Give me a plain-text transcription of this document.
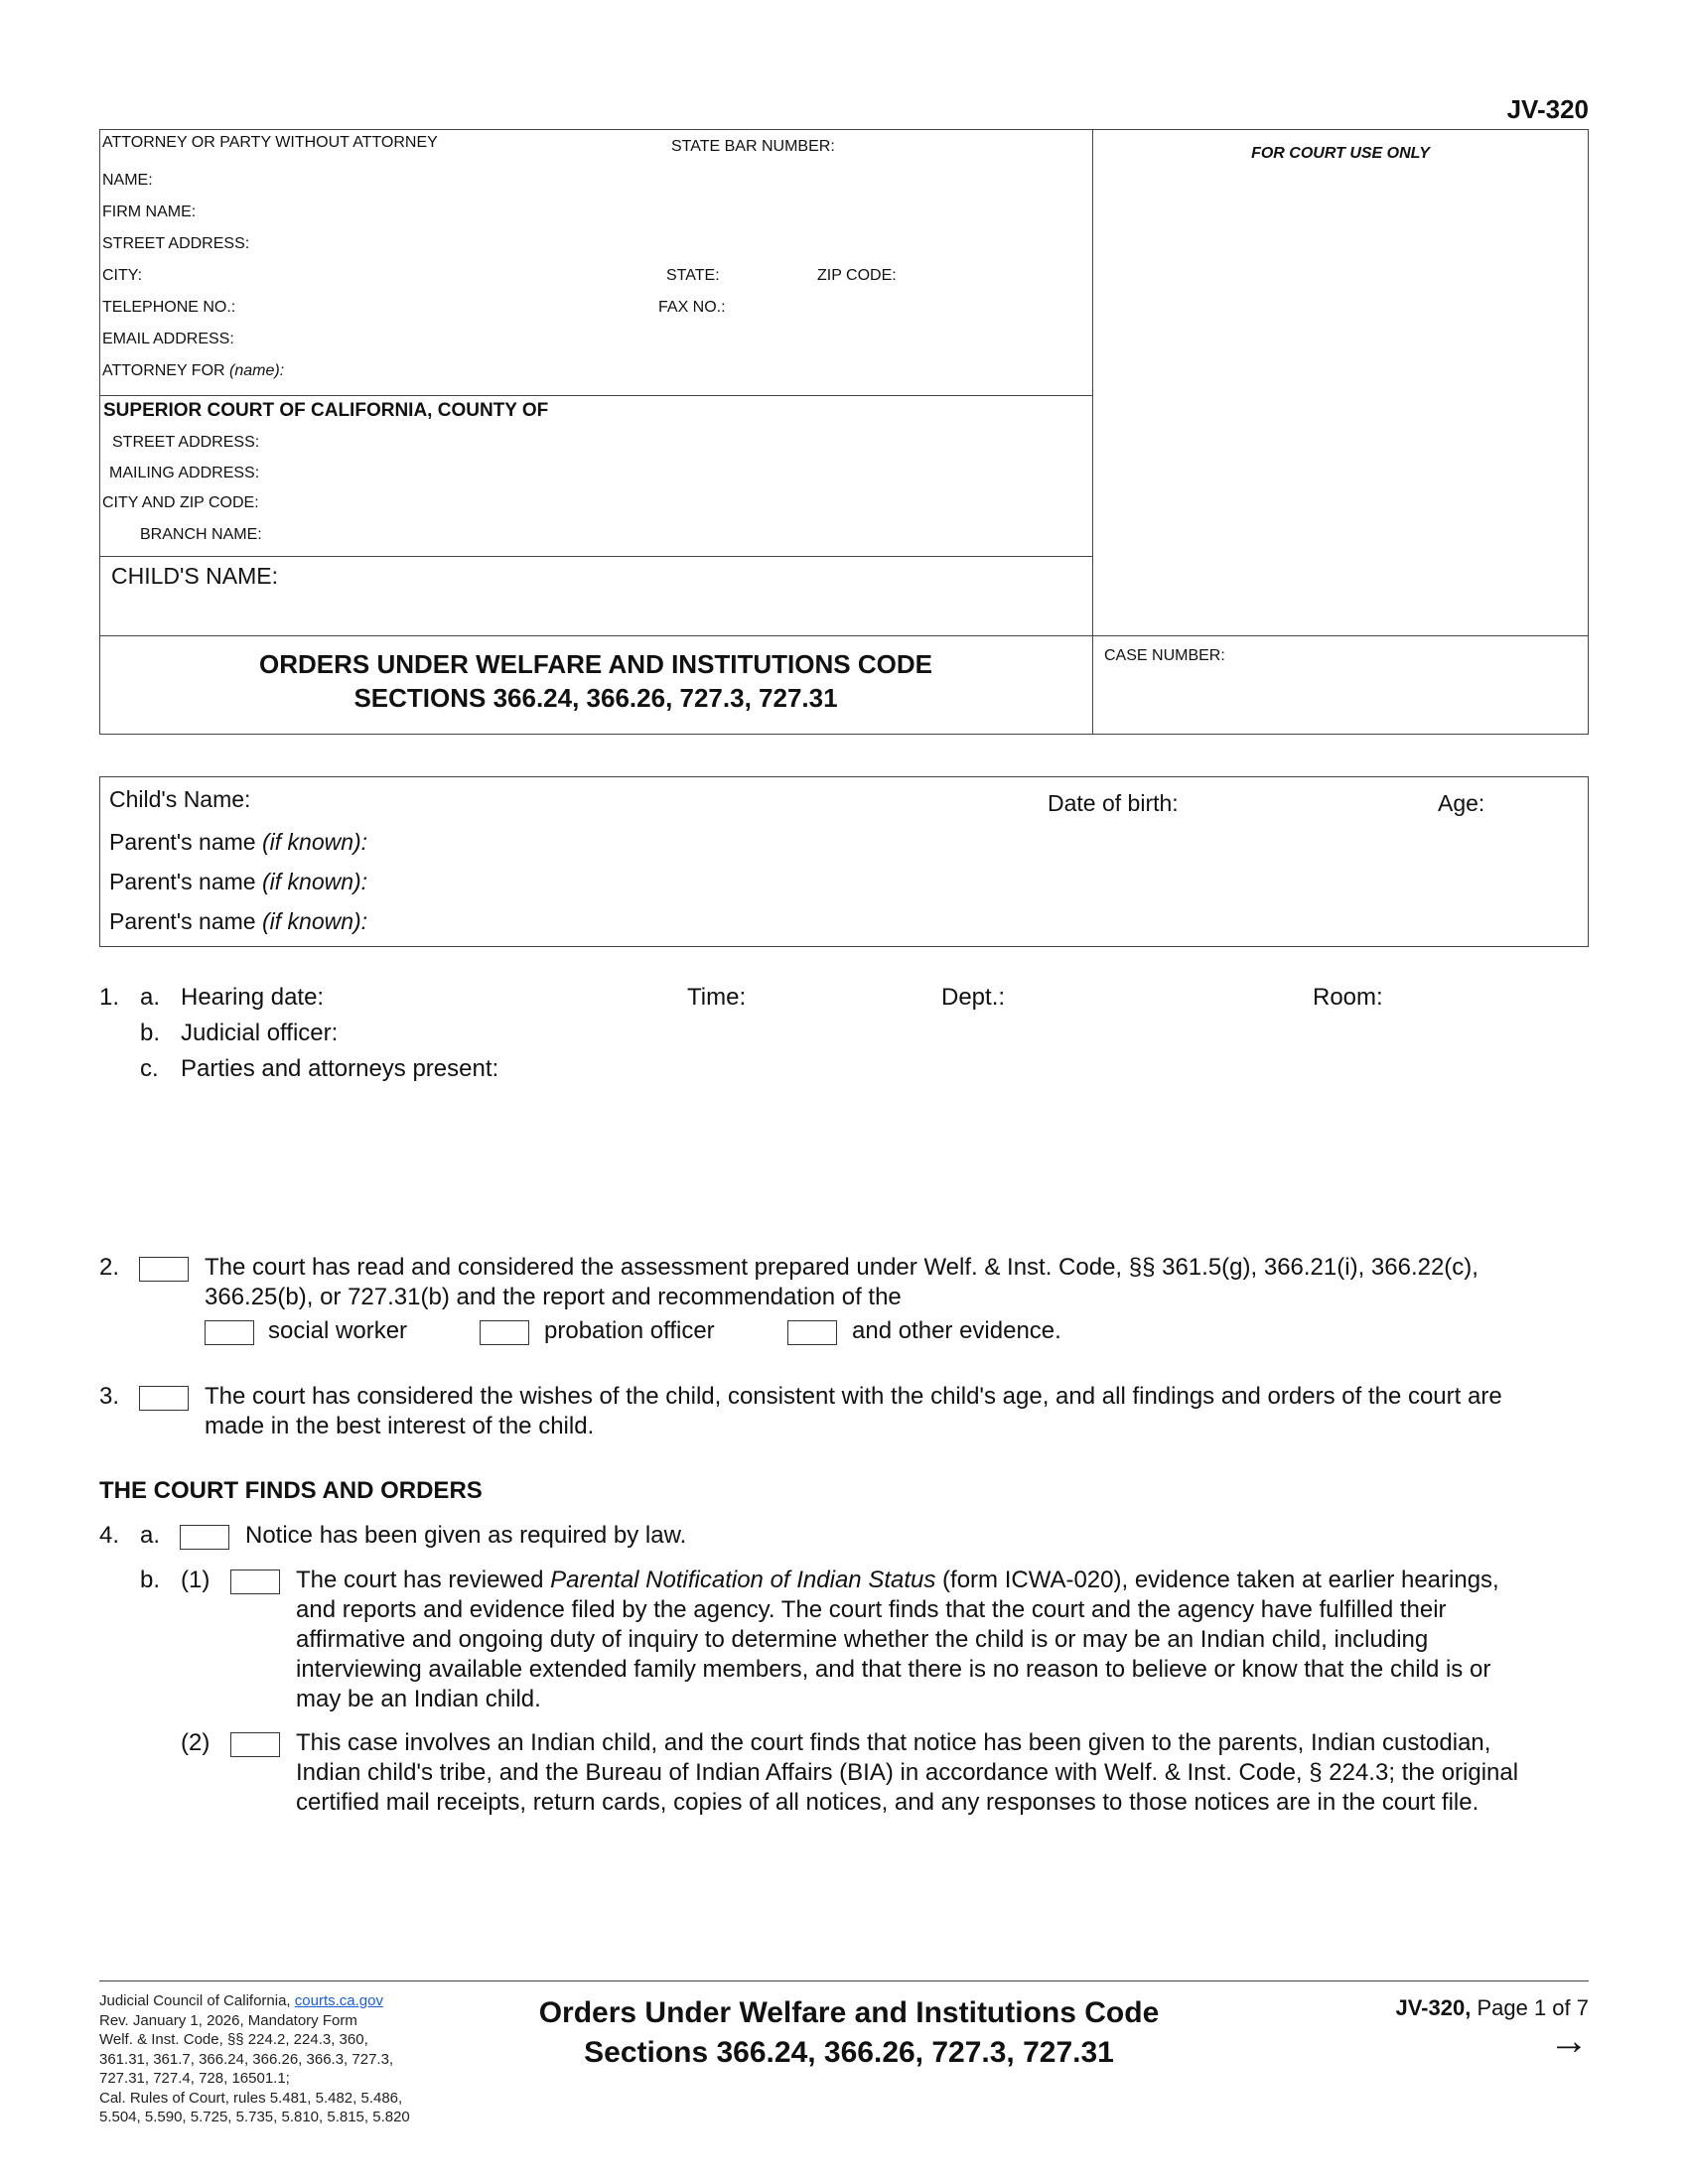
JV-320
ATTORNEY OR PARTY WITHOUT ATTORNEY	STATE BAR NUMBER:
NAME:
FIRM NAME:
STREET ADDRESS:
CITY:	STATE:	ZIP CODE:
TELEPHONE NO.:	FAX NO.:
EMAIL ADDRESS:
ATTORNEY FOR (name):
SUPERIOR COURT OF CALIFORNIA, COUNTY OF
STREET ADDRESS:
MAILING ADDRESS:
CITY AND ZIP CODE:
BRANCH NAME:
CHILD'S NAME:
FOR COURT USE ONLY
ORDERS UNDER WELFARE AND INSTITUTIONS CODE
SECTIONS 366.24, 366.26, 727.3, 727.31
CASE NUMBER:
Child's Name:	Date of birth:	Age:
Parent's name (if known):
Parent's name (if known):
Parent's name (if known):
1. a. Hearing date:	Time:	Dept.:	Room:
b. Judicial officer:
c. Parties and attorneys present:
2.	The court has read and considered the assessment prepared under Welf. & Inst. Code, §§ 361.5(g), 366.21(i), 366.22(c),
366.25(b), or 727.31(b) and the report and recommendation of the
social worker	probation officer	and other evidence.
3.	The court has considered the wishes of the child, consistent with the child's age, and all findings and orders of the court are
made in the best interest of the child.
THE COURT FINDS AND ORDERS
4. a.	Notice has been given as required by law.
b. (1)	The court has reviewed Parental Notification of Indian Status (form ICWA-020), evidence taken at earlier hearings,
and reports and evidence filed by the agency. The court finds that the court and the agency have fulfilled their
affirmative and ongoing duty of inquiry to determine whether the child is or may be an Indian child, including
interviewing available extended family members, and that there is no reason to believe or know that the child is or
may be an Indian child.
(2)	This case involves an Indian child, and the court finds that notice has been given to the parents, Indian custodian,
Indian child's tribe, and the Bureau of Indian Affairs (BIA) in accordance with Welf. & Inst. Code, § 224.3; the original
certified mail receipts, return cards, copies of all notices, and any responses to those notices are in the court file.
Judicial Council of California, courts.ca.gov
Rev. January 1, 2026, Mandatory Form
Welf. & Inst. Code, §§ 224.2, 224.3, 360,
361.31, 361.7, 366.24, 366.26, 366.3, 727.3,
727.31, 727.4, 728, 16501.1;
Cal. Rules of Court, rules 5.481, 5.482, 5.486,
5.504, 5.590, 5.725, 5.735, 5.810, 5.815, 5.820
Orders Under Welfare and Institutions Code
Sections 366.24, 366.26, 727.3, 727.31
JV-320, Page 1 of 7
→
